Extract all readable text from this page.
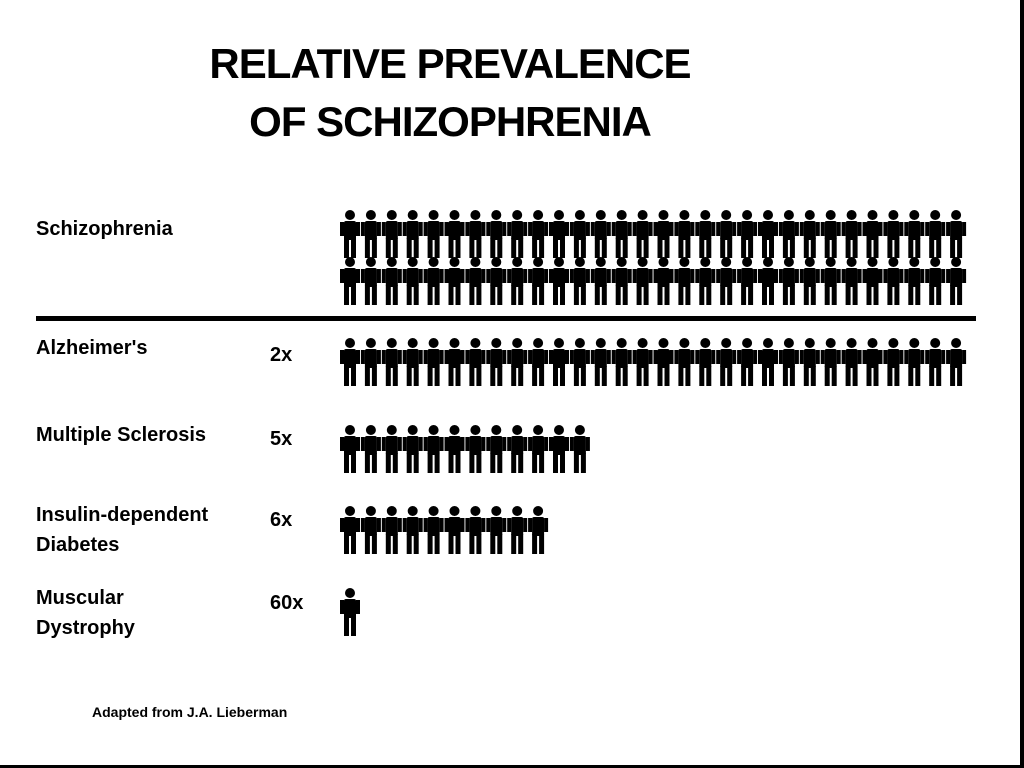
RELATIVE PREVALENCE
OF SCHIZOPHRENIA
Schizophrenia
Alzheimer's	2x
Multiple Sclerosis	5x
Insulin-dependent
Diabetes
6x
Muscular
Dystrophy
60x
Adapted from J.A. Lieberman
